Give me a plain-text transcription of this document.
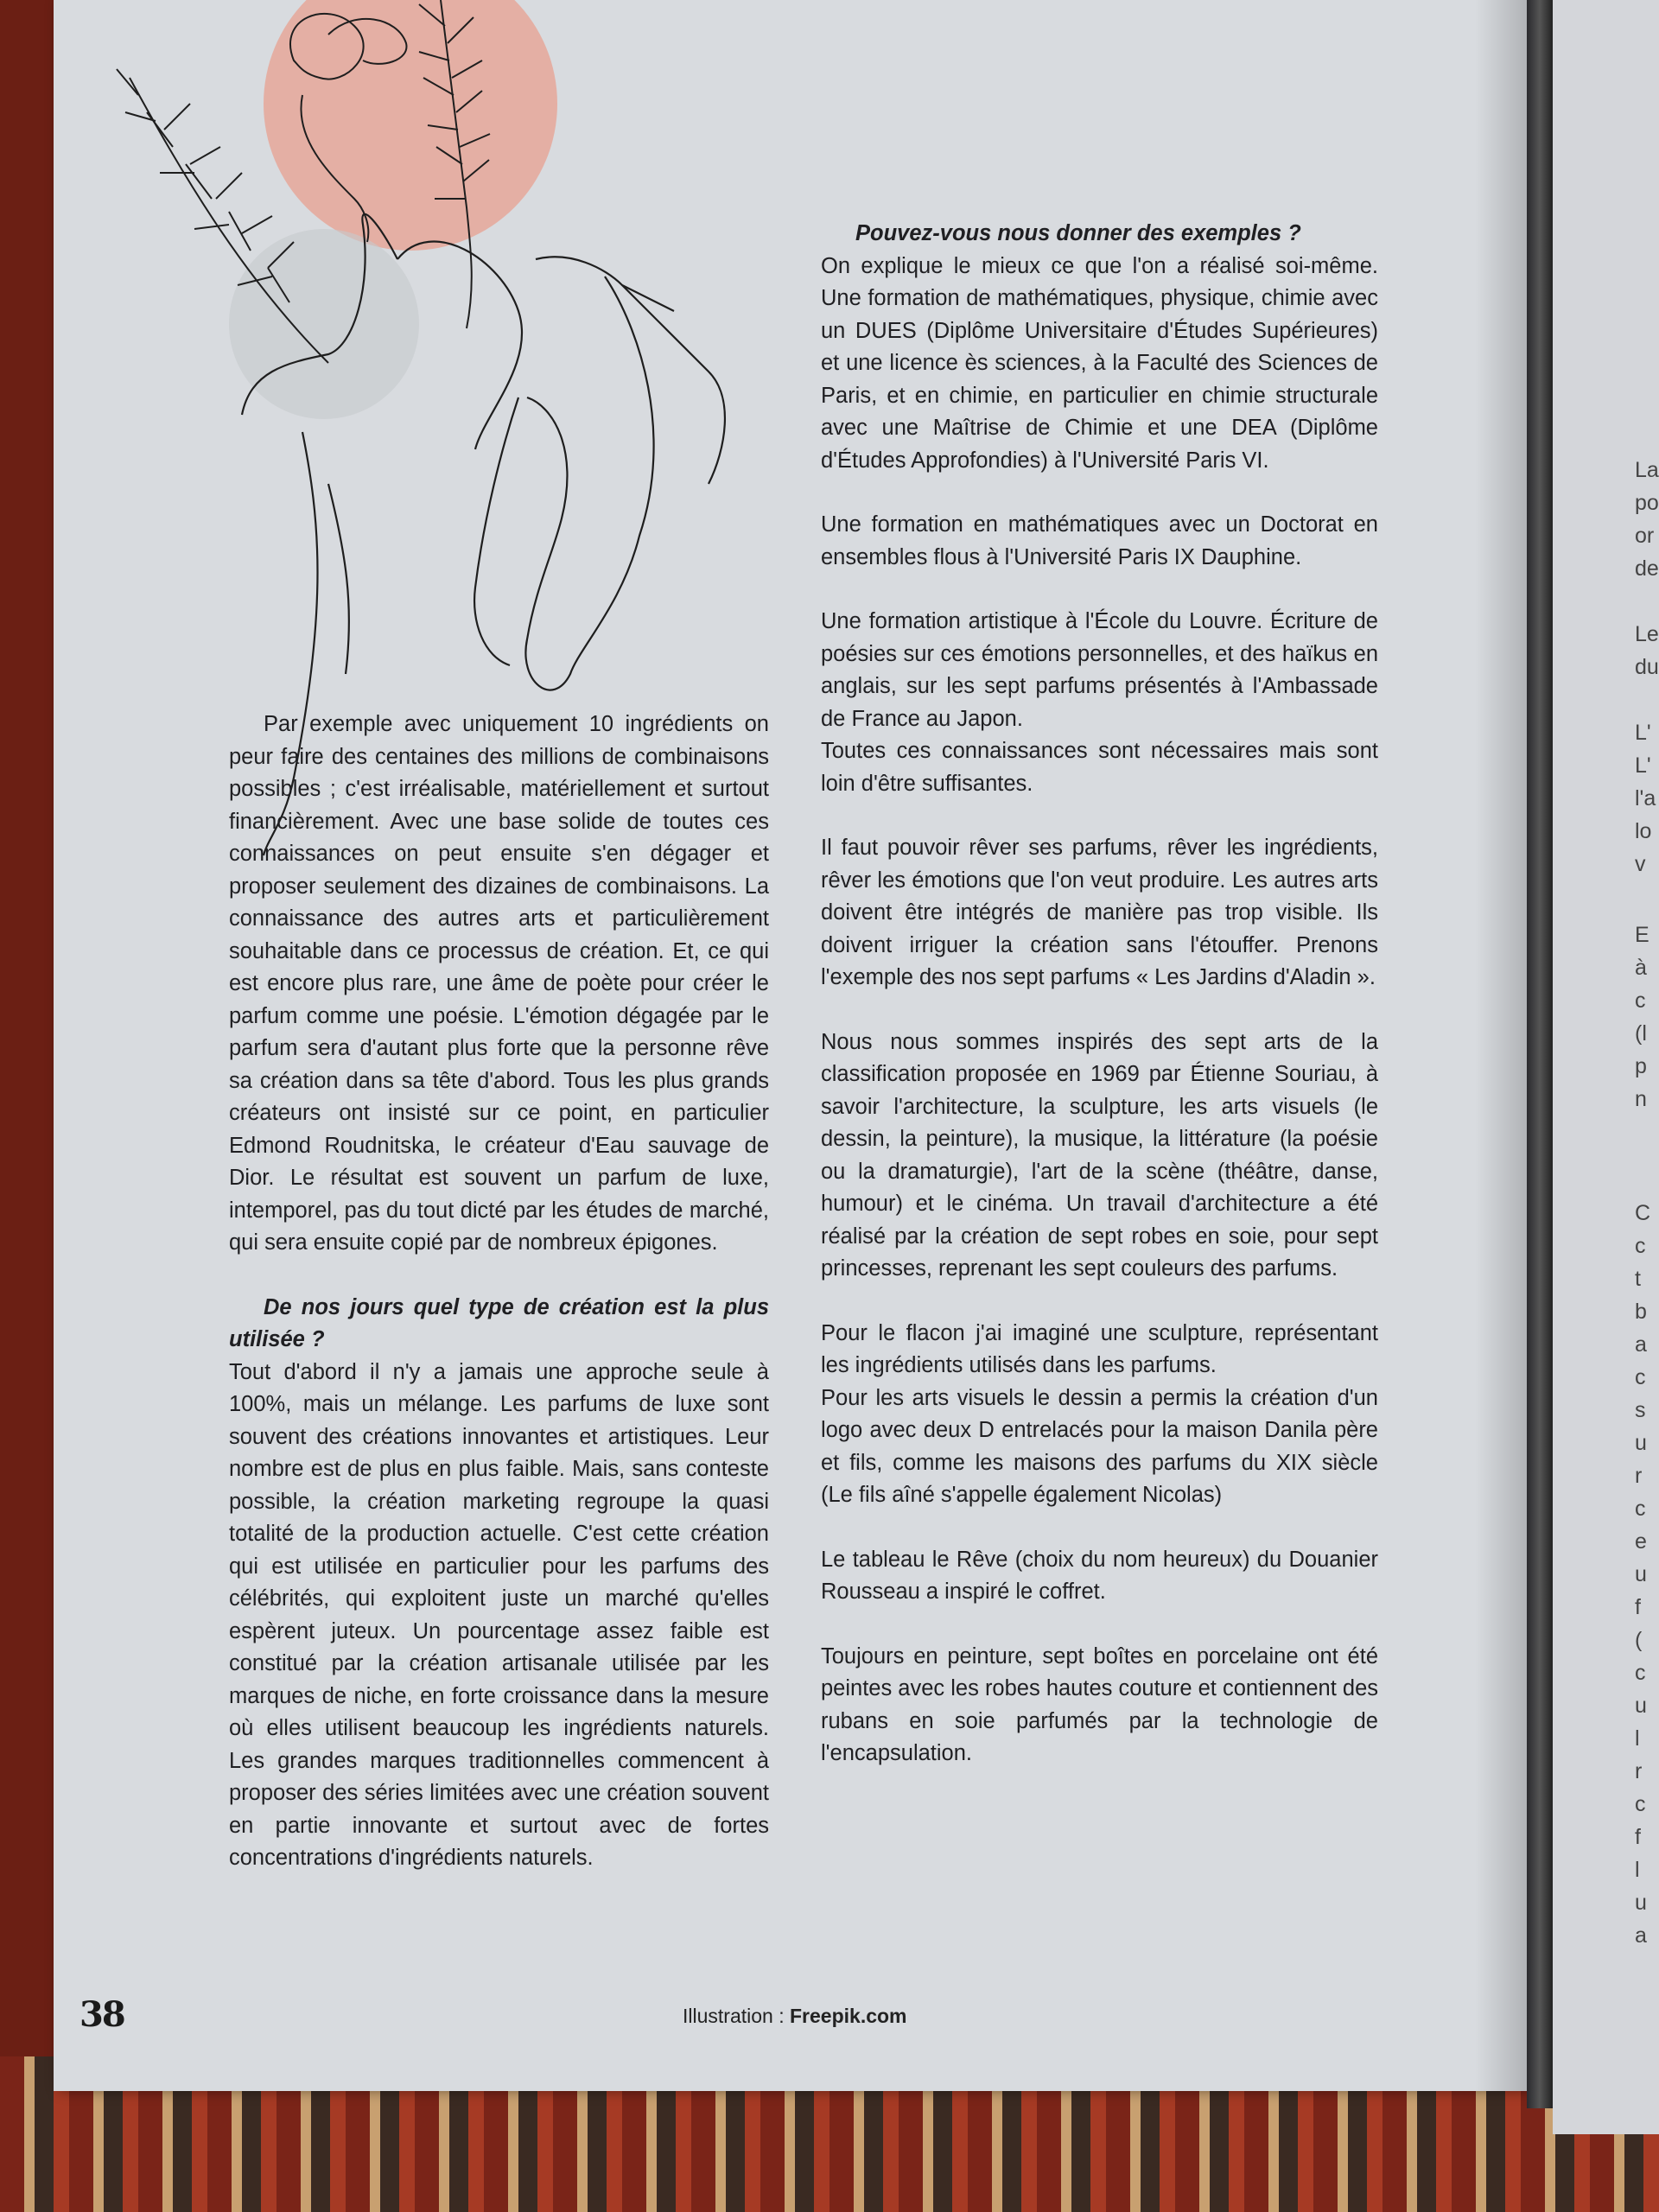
La
po
or
de
Le
du
L'
L'
l'a
lo
v
E
à
c
(l
p
n
C
c
t
b
a
c
s
u
r
c
e
u
f
(
c
u
l
r
c
f
l
u
a

Par exemple avec uniquement 10 ingrédients on peur faire des centaines des millions de combinaisons possibles ; c'est irréalisable, matériellement et surtout financièrement. Avec une base solide de toutes ces connaissances on peut ensuite s'en dégager et proposer seulement des dizaines de combinaisons. La connaissance des autres arts et particulièrement souhaitable dans ce processus de création. Et, ce qui est encore plus rare, une âme de poète pour créer le parfum comme une poésie. L'émotion dégagée par le parfum sera d'autant plus forte que la personne rêve sa création dans sa tête d'abord. Tous les plus grands créateurs ont insisté sur ce point, en particulier Edmond Roudnitska, le créateur d'Eau sauvage de Dior. Le résultat est souvent un parfum de luxe, intemporel, pas du tout dicté par les études de marché, qui sera ensuite copié par de nombreux épigones.

De nos jours quel type de création est la plus utilisée ?
Tout d'abord il n'y a jamais une approche seule à 100%, mais un mélange. Les parfums de luxe sont souvent des créations innovantes et artistiques. Leur nombre est de plus en plus faible. Mais, sans conteste possible, la création marketing regroupe la quasi totalité de la production actuelle. C'est cette création qui est utilisée en particulier pour les parfums des célébrités, qui exploitent juste un marché qu'elles espèrent juteux. Un pourcentage assez faible est constitué par la création artisanale utilisée par les marques de niche, en forte croissance dans la mesure où elles utilisent beaucoup les ingrédients naturels. Les grandes marques traditionnelles commencent à proposer des séries limitées avec une création souvent en partie innovante et surtout avec de fortes concentrations d'ingrédients naturels.

Pouvez-vous nous donner des exemples ?
On explique le mieux ce que l'on a réalisé soi-même. Une formation de mathématiques, physique, chimie avec un DUES (Diplôme Universitaire d'Études Supérieures) et une licence ès sciences, à la Faculté des Sciences de Paris, et en chimie, en particulier en chimie structurale avec une Maîtrise de Chimie et une DEA (Diplôme d'Études Approfondies) à l'Université Paris VI.

Une formation en mathématiques avec un Doctorat en ensembles flous à l'Université Paris IX Dauphine.

Une formation artistique à l'École du Louvre. Écriture de poésies sur ces émotions personnelles, et des haïkus en anglais, sur les sept parfums présentés à l'Ambassade de France au Japon.
Toutes ces connaissances sont nécessaires mais sont loin d'être suffisantes.

Il faut pouvoir rêver ses parfums, rêver les ingrédients, rêver les émotions que l'on veut produire. Les autres arts doivent être intégrés de manière pas trop visible. Ils doivent irriguer la création sans l'étouffer. Prenons l'exemple des nos sept parfums « Les Jardins d'Aladin ».

Nous nous sommes inspirés des sept arts de la classification proposée en 1969 par Étienne Souriau, à savoir l'architecture, la sculpture, les arts visuels (le dessin, la peinture), la musique, la littérature (la poésie ou la dramaturgie), l'art de la scène (théâtre, danse, humour) et le cinéma. Un travail d'architecture a été réalisé par la création de sept robes en soie, pour sept princesses, reprenant les sept couleurs des parfums.

Pour le flacon j'ai imaginé une sculpture, représentant les ingrédients utilisés dans les parfums.
Pour les arts visuels le dessin a permis la création d'un logo avec deux D entrelacés pour la maison Danila père et fils, comme les maisons des parfums du XIX siècle (Le fils aîné s'appelle également Nicolas)

Le tableau le Rêve (choix du nom heureux) du Douanier Rousseau a inspiré le coffret.

Toujours en peinture, sept boîtes en porcelaine ont été peintes avec les robes hautes couture et contiennent des rubans en soie parfumés par la technologie de l'encapsulation.

38	Illustration : Freepik.com
